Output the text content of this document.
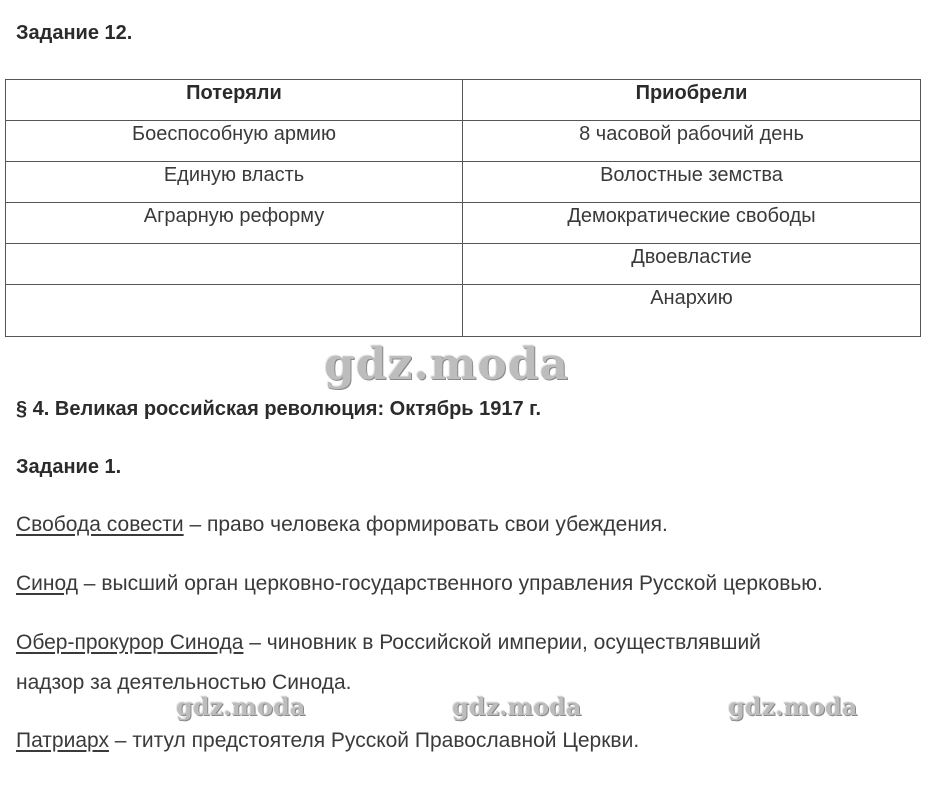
Задание 12.
Потеряли	Приобрели
Боеспособную армию	8 часовой рабочий день
Единую власть	Волостные земства
Аграрную реформу	Демократические свободы
	Двоевластие
	Анархию
gdz.moda
§ 4. Великая российская революция: Октябрь 1917 г.
Задание 1.
Свобода совести – право человека формировать свои убеждения.
Синод – высший орган церковно-государственного управления Русской церковью.
Обер-прокурор Синода – чиновник в Российской империи, осуществлявший
надзор за деятельностью Синода.
gdz.moda	gdz.moda	gdz.moda
Патриарх – титул предстоятеля Русской Православной Церкви.
